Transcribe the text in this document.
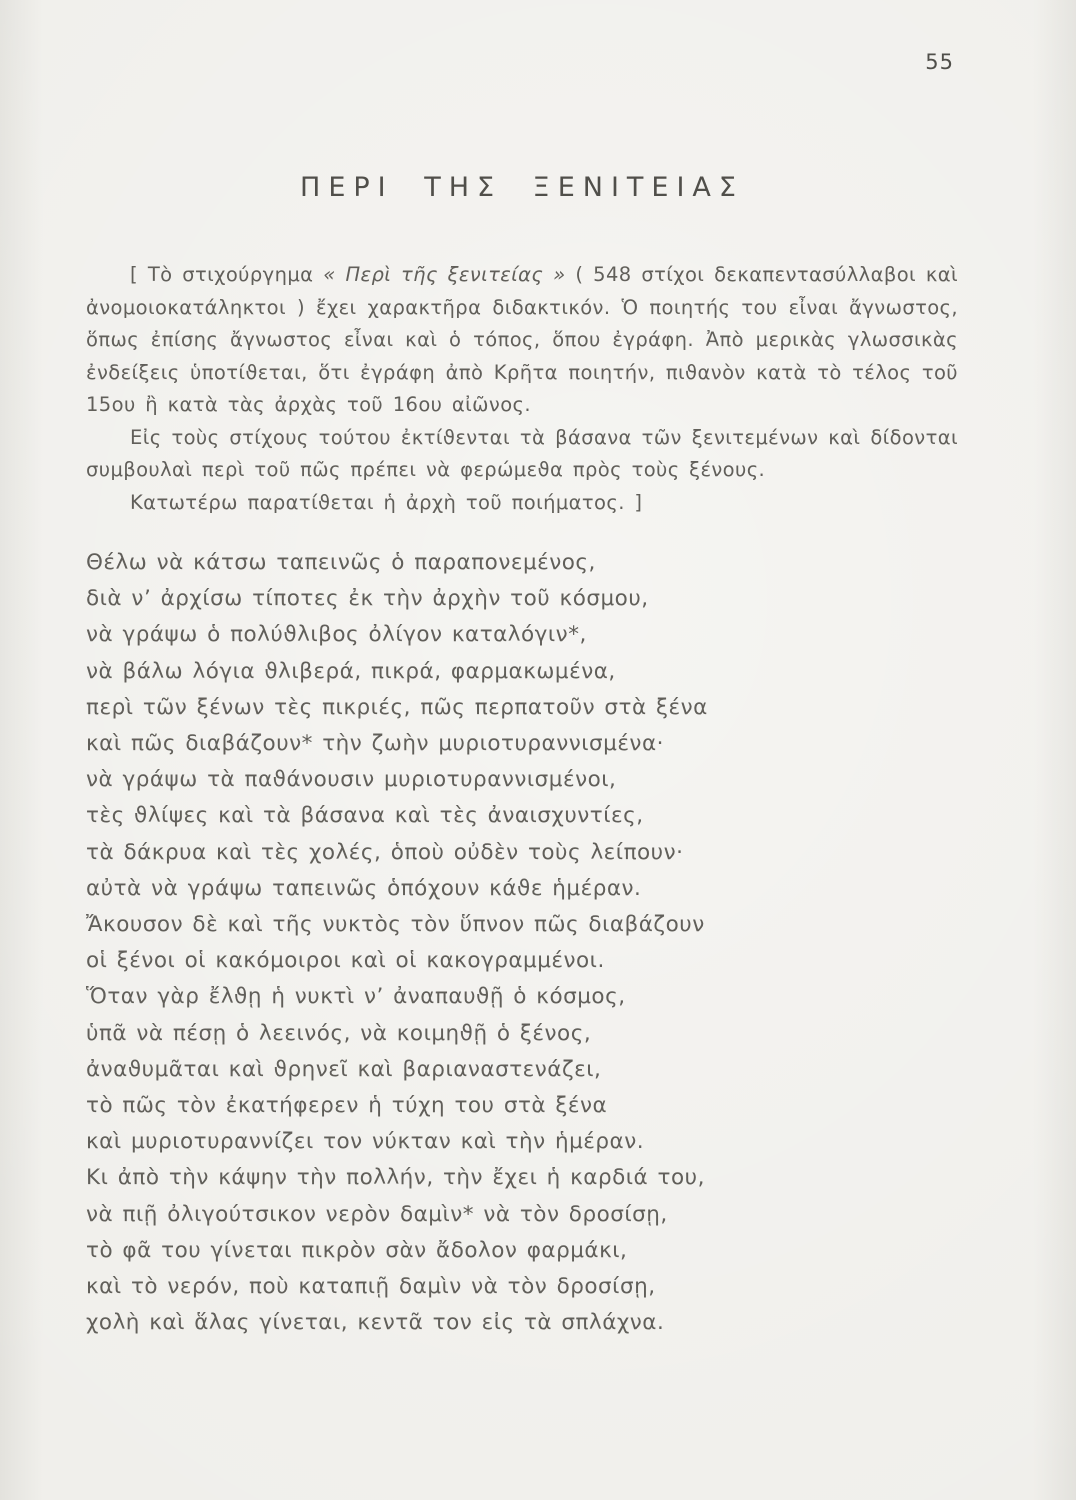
55
ΠΕΡΙ ΤΗΣ ΞΕΝΙΤΕΙΑΣ

[ Τὸ στιχούργημα « Περὶ τῆς ξενιτείας » ( 548 στίχοι δεκαπεντασύλλαβοι καὶ ἀνομοιοκατάληκτοι ) ἔχει χαρακτῆρα διδακτικόν. Ὁ ποιητής του εἶναι ἄγνωστος, ὅπως ἐπίσης ἄγνωστος εἶναι καὶ ὁ τόπος, ὅπου ἐγράφη. Ἀπὸ μερικὰς γλωσσικὰς ἐνδείξεις ὑποτίϑεται, ὅτι ἐγράφη ἀπὸ Κρῆτα ποιητήν, πιϑανὸν κατὰ τὸ τέλος τοῦ 15ου ἢ κατὰ τὰς ἀρχὰς τοῦ 16ου αἰῶνος.

Εἰς τοὺς στίχους τούτου ἐκτίϑενται τὰ βάσανα τῶν ξενιτεμένων καὶ δίδονται συμβουλαὶ περὶ τοῦ πῶς πρέπει νὰ φερώμεϑα πρὸς τοὺς ξένους.

Κατωτέρω παρατίϑεται ἡ ἀρχὴ τοῦ ποιήματος. ]

Θέλω νὰ κάτσω ταπεινῶς ὁ παραπονεμένος,
διὰ ν’ ἀρχίσω τίποτες ἐκ τὴν ἀρχὴν τοῦ κόσμου,
νὰ γράψω ὁ πολύϑλιβος ὀλίγον καταλόγιν*,
νὰ βάλω λόγια ϑλιβερά, πικρά, φαρμακωμένα,
περὶ τῶν ξένων τὲς πικριές, πῶς περπατοῦν στὰ ξένα
καὶ πῶς διαβάζουν* τὴν ζωὴν μυριοτυραννισμένα·
νὰ γράψω τὰ παϑάνουσιν μυριοτυραννισμένοι,
τὲς ϑλίψες καὶ τὰ βάσανα καὶ τὲς ἀναισχυντίες,
τὰ δάκρυα καὶ τὲς χολές, ὁποὺ οὐδὲν τοὺς λείπουν·
αὐτὰ νὰ γράψω ταπεινῶς ὁπόχουν κάϑε ἡμέραν.
Ἄκουσον δὲ καὶ τῆς νυκτὸς τὸν ὕπνον πῶς διαβάζουν
οἱ ξένοι οἱ κακόμοιροι καὶ οἱ κακογραμμένοι.
Ὅταν γὰρ ἔλϑῃ ἡ νυκτὶ ν’ ἀναπαυϑῇ ὁ κόσμος,
ὑπᾶ νὰ πέσῃ ὁ λεεινός, νὰ κοιμηϑῇ ὁ ξένος,
ἀναϑυμᾶται καὶ ϑρηνεῖ καὶ βαριαναστενάζει,
τὸ πῶς τὸν ἐκατήφερεν ἡ τύχη του στὰ ξένα
καὶ μυριοτυραννίζει τον νύκταν καὶ τὴν ἡμέραν.
Κι ἀπὸ τὴν κάψην τὴν πολλήν, τὴν ἔχει ἡ καρδιά του,
νὰ πιῇ ὀλιγούτσικον νερὸν δαμὶν* νὰ τὸν δροσίσῃ,
τὸ φᾶ του γίνεται πικρὸν σὰν ἄδολον φαρμάκι,
καὶ τὸ νερόν, ποὺ καταπιῇ δαμὶν νὰ τὸν δροσίσῃ,
χολὴ καὶ ἅλας γίνεται, κεντᾶ τον εἰς τὰ σπλάχνα.
